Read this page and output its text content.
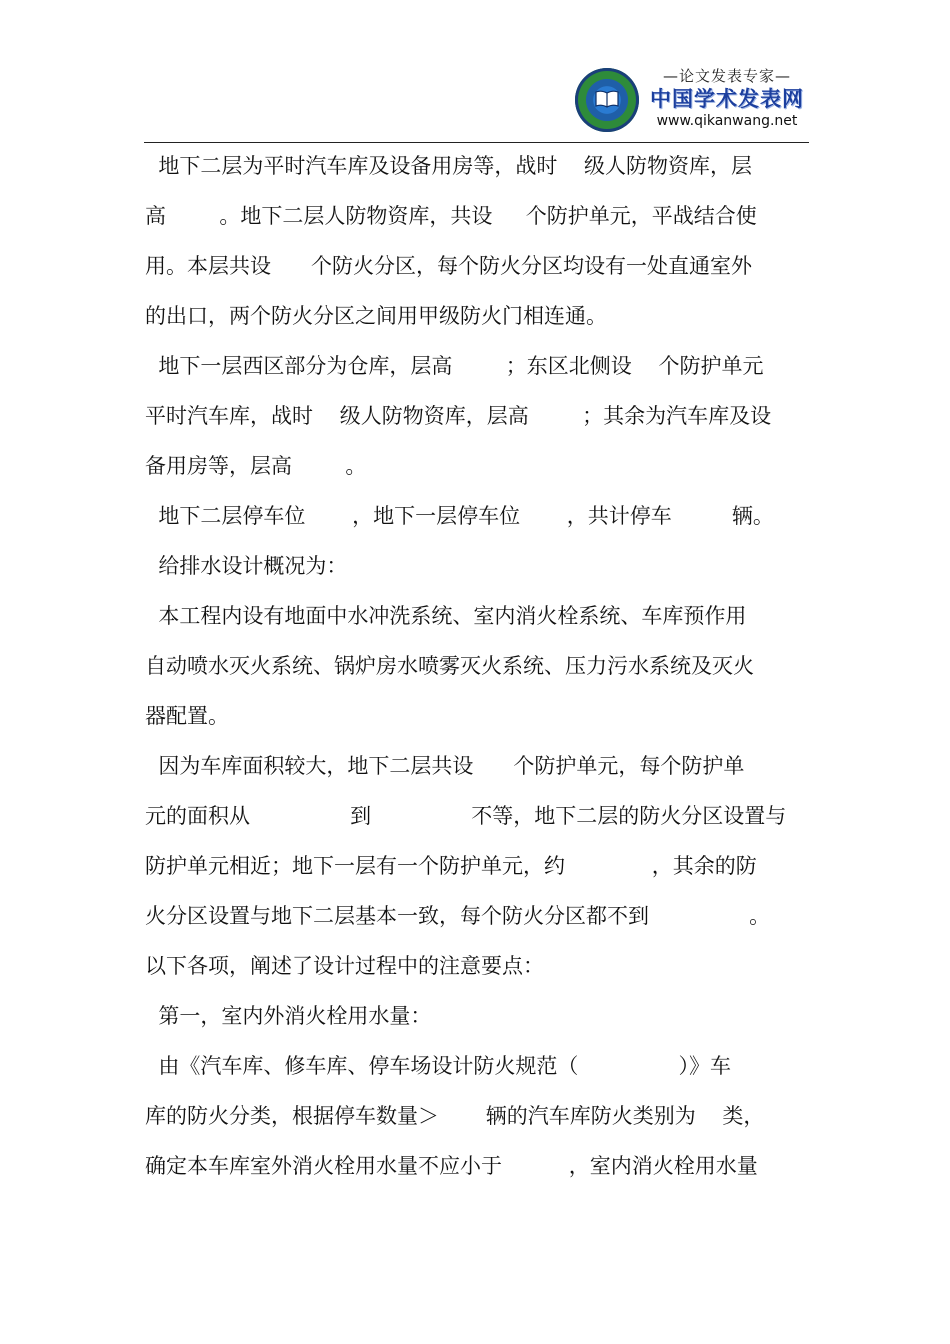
—论文发表专家—
中国学术发表网
www.qikanwang.net
地下二层为平时汽车库及设备用房等，战时    级人防物资库，层
高        。地下二层人防物资库，共设     个防护单元，平战结合使
用。本层共设      个防火分区，每个防火分区均设有一处直通室外
的出口，两个防火分区之间用甲级防火门相连通。
地下一层西区部分为仓库，层高        ；东区北侧设    个防护单元
平时汽车库，战时    级人防物资库，层高        ；其余为汽车库及设
备用房等，层高        。
地下二层停车位       ，地下一层停车位       ，共计停车         辆。
给排水设计概况为：
本工程内设有地面中水冲洗系统、室内消火栓系统、车库预作用
自动喷水灭火系统、锅炉房水喷雾灭火系统、压力污水系统及灭火
器配置。
因为车库面积较大，地下二层共设      个防护单元，每个防护单
元的面积从               到               不等，地下二层的防火分区设置与
防护单元相近；地下一层有一个防护单元，约             ，其余的防
火分区设置与地下二层基本一致，每个防火分区都不到               。
以下各项，阐述了设计过程中的注意要点：
第一，室内外消火栓用水量：
由《汽车库、修车库、停车场设计防火规范（               ）》车
库的防火分类，根据停车数量＞       辆的汽车库防火类别为    类，
确定本车库室外消火栓用水量不应小于          ，室内消火栓用水量
